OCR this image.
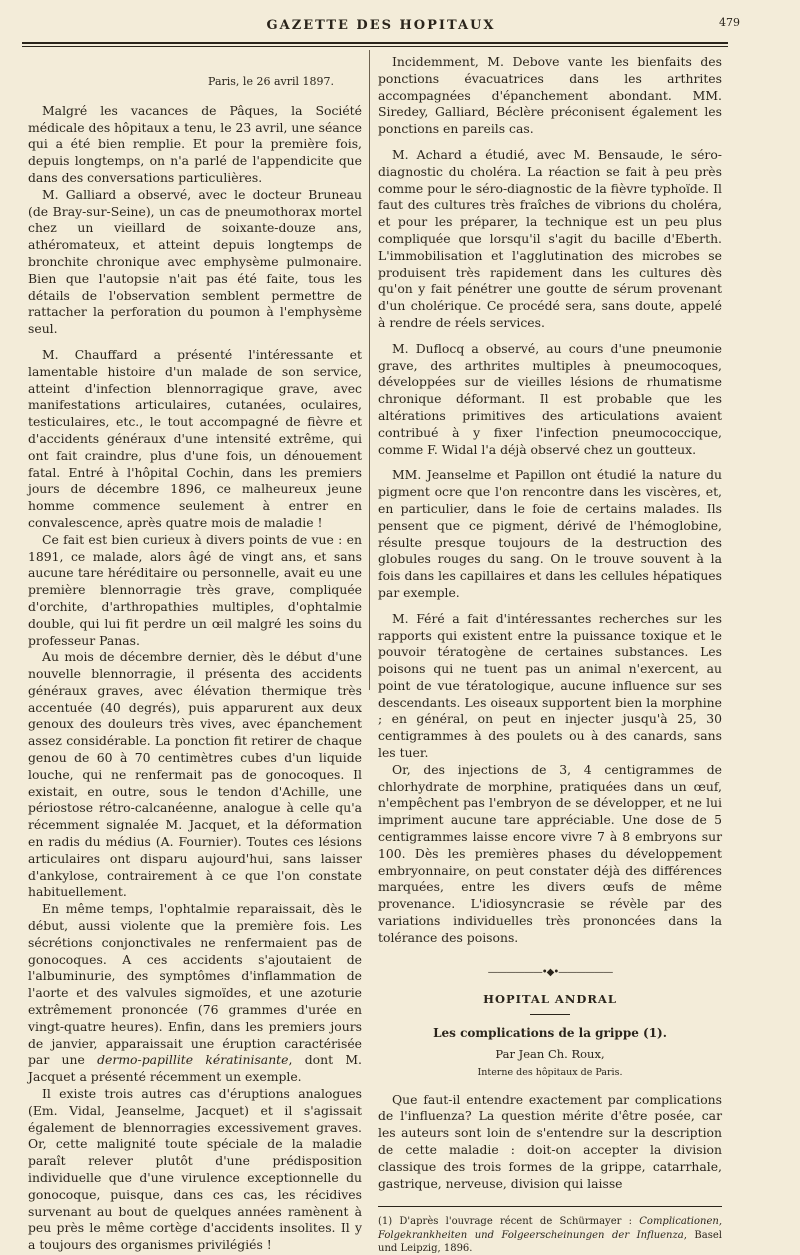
GAZETTE DES HOPITAUX	479
Paris, le 26 avril 1897.

Malgré les vacances de Pâques, la Société médicale des hôpitaux a tenu, le 23 avril, une séance qui a été bien remplie. Et pour la première fois, depuis longtemps, on n'a parlé de l'appendicite que dans des conversations particulières.

M. Galliard a observé, avec le docteur Bruneau (de Bray-sur-Seine), un cas de pneumothorax mortel chez un vieillard de soixante-douze ans, athéromateux, et atteint depuis longtemps de bronchite chronique avec emphysème pulmonaire. Bien que l'autopsie n'ait pas été faite, tous les détails de l'observation semblent permettre de rattacher la perforation du poumon à l'emphysème seul.

M. Chauffard a présenté l'intéressante et lamentable histoire d'un malade de son service, atteint d'infection blennorragique grave, avec manifestations articulaires, cutanées, oculaires, testiculaires, etc., le tout accompagné de fièvre et d'accidents généraux d'une intensité extrême, qui ont fait craindre, plus d'une fois, un dénouement fatal. Entré à l'hôpital Cochin, dans les premiers jours de décembre 1896, ce malheureux jeune homme commence seulement à entrer en convalescence, après quatre mois de maladie !

Ce fait est bien curieux à divers points de vue : en 1891, ce malade, alors âgé de vingt ans, et sans aucune tare héréditaire ou personnelle, avait eu une première blennorragie très grave, compliquée d'orchite, d'arthropathies multiples, d'ophtalmie double, qui lui fit perdre un œil malgré les soins du professeur Panas.

Au mois de décembre dernier, dès le début d'une nouvelle blennorragie, il présenta des accidents généraux graves, avec élévation thermique très accentuée (40 degrés), puis apparurent aux deux genoux des douleurs très vives, avec épanchement assez considérable. La ponction fit retirer de chaque genou de 60 à 70 centimètres cubes d'un liquide louche, qui ne renfermait pas de gonocoques. Il existait, en outre, sous le tendon d'Achille, une périostose rétro-calcanéenne, analogue à celle qu'a récemment signalée M. Jacquet, et la déformation en radis du médius (A. Fournier). Toutes ces lésions articulaires ont disparu aujourd'hui, sans laisser d'ankylose, contrairement à ce que l'on constate habituellement.

En même temps, l'ophtalmie reparaissait, dès le début, aussi violente que la première fois. Les sécrétions conjonctivales ne renfermaient pas de gonocoques. A ces accidents s'ajoutaient de l'albuminurie, des symptômes d'inflammation de l'aorte et des valvules sigmoïdes, et une azoturie extrêmement prononcée (76 grammes d'urée en vingt-quatre heures). Enfin, dans les premiers jours de janvier, apparaissait une éruption caractérisée par une dermo-papillite kératinisante, dont M. Jacquet a présenté récemment un exemple.

Il existe trois autres cas d'éruptions analogues (Em. Vidal, Jeanselme, Jacquet) et il s'agissait également de blennorragies excessivement graves. Or, cette malignité toute spéciale de la maladie paraît relever plutôt d'une prédisposition individuelle que d'une virulence exceptionnelle du gonocoque, puisque, dans ces cas, les récidives survenant au bout de quelques années ramènent à peu près le même cortège d'accidents insolites. Il y a toujours des organismes privilégiés !

Incidemment, M. Debove vante les bienfaits des ponctions évacuatrices dans les arthrites accompagnées d'épanchement abondant. MM. Siredey, Galliard, Béclère préconisent également les ponctions en pareils cas.

M. Achard a étudié, avec M. Bensaude, le séro-diagnostic du choléra. La réaction se fait à peu près comme pour le séro-diagnostic de la fièvre typhoïde. Il faut des cultures très fraîches de vibrions du choléra, et pour les préparer, la technique est un peu plus compliquée que lorsqu'il s'agit du bacille d'Eberth. L'immobilisation et l'agglutination des microbes se produisent très rapidement dans les cultures dès qu'on y fait pénétrer une goutte de sérum provenant d'un cholérique. Ce procédé sera, sans doute, appelé à rendre de réels services.

M. Duflocq a observé, au cours d'une pneumonie grave, des arthrites multiples à pneumocoques, développées sur de vieilles lésions de rhumatisme chronique déformant. Il est probable que les altérations primitives des articulations avaient contribué à y fixer l'infection pneumococcique, comme F. Widal l'a déjà observé chez un goutteux.

MM. Jeanselme et Papillon ont étudié la nature du pigment ocre que l'on rencontre dans les viscères, et, en particulier, dans le foie de certains malades. Ils pensent que ce pigment, dérivé de l'hémoglobine, résulte presque toujours de la destruction des globules rouges du sang. On le trouve souvent à la fois dans les capillaires et dans les cellules hépatiques par exemple.

M. Féré a fait d'intéressantes recherches sur les rapports qui existent entre la puissance toxique et le pouvoir tératogène de certaines substances. Les poisons qui ne tuent pas un animal n'exercent, au point de vue tératologique, aucune influence sur ses descendants. Les oiseaux supportent bien la morphine ; en général, on peut en injecter jusqu'à 25, 30 centigrammes à des poulets ou à des canards, sans les tuer.

Or, des injections de 3, 4 centigrammes de chlorhydrate de morphine, pratiquées dans un œuf, n'empêchent pas l'embryon de se développer, et ne lui impriment aucune tare appréciable. Une dose de 5 centigrammes laisse encore vivre 7 à 8 embryons sur 100. Dès les premières phases du développement embryonnaire, on peut constater déjà des différences marquées, entre les divers œufs de même provenance. L'idiosyncrasie se révèle par des variations individuelles très prononcées dans la tolérance des poisons.

——————•◆•——————
HOPITAL ANDRAL
Les complications de la grippe (1).
Par Jean Ch. Roux,
Interne des hôpitaux de Paris.

Que faut-il entendre exactement par complications de l'influenza? La question mérite d'être posée, car les auteurs sont loin de s'entendre sur la description de cette maladie : doit-on accepter la division classique des trois formes de la grippe, catarrhale, gastrique, nerveuse, division qui laisse

(1) D'après l'ouvrage récent de Schürmayer : Complicationen, Folgekrankheiten und Folgeerscheinungen der Influenza, Basel und Leipzig, 1896.
